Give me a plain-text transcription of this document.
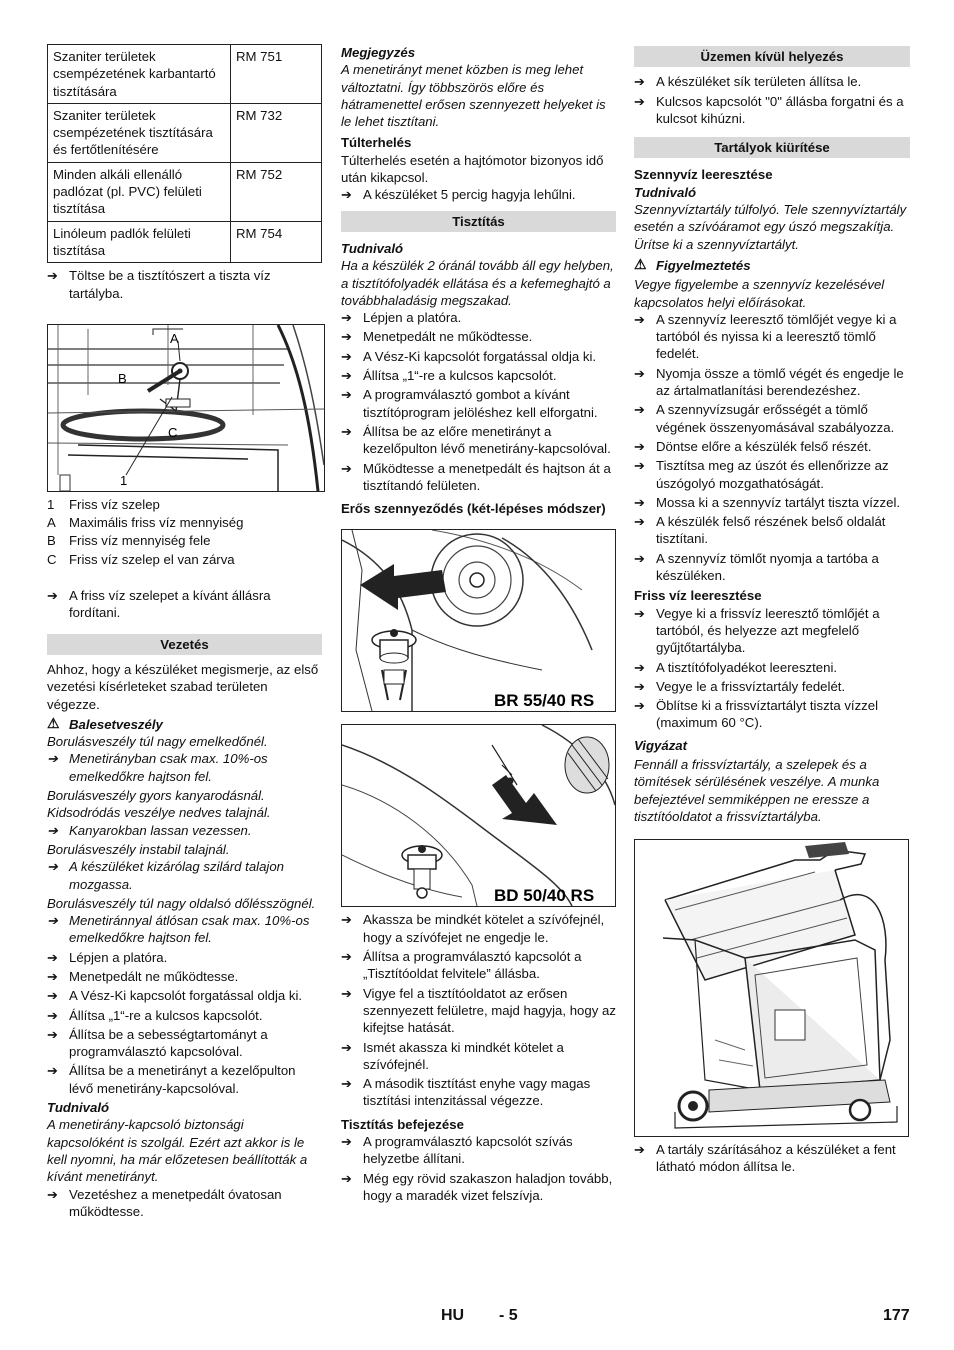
Szaniter területek csempézetének karbantartó tisztítására	RM 751
Szaniter területek csempézetének tisztítására és fertőtlenítésére	RM 732
Minden alkáli ellenálló padlózat (pl. PVC) felületi tisztítása	RM 752
Linóleum padlók felületi tisztítása	RM 754
➔ Töltse be a tisztítószert a tiszta víz tartályba.
A
B
C
1
1	Friss víz szelep
A	Maximális friss víz mennyiség
B	Friss víz mennyiség fele
C	Friss víz szelep el van zárva
➔ A friss víz szelepet a kívánt állásra fordítani.
Vezetés

Ahhoz, hogy a készüléket megismerje, az első vezetési kísérleteket szabad területen végezze.

⚠ Balesetveszély

Borulásveszély túl nagy emelkedőnél.

➔ Menetirányban csak max. 10%-os emelkedőkre hajtson fel.

Borulásveszély gyors kanyarodásnál. Kidsodródás veszélye nedves talajnál.

➔ Kanyarokban lassan vezessen.

Borulásveszély instabil talajnál.

➔ A készüléket kizárólag szilárd talajon mozgassa.

Borulásveszély túl nagy oldalsó dőlésszögnél.

➔ Menetiránnyal átlósan csak max. 10%-os emelkedőkre hajtson fel.
➔ Lépjen a platóra.
➔ Menetpedált ne működtesse.
➔ A Vész-Ki kapcsolót forgatással oldja ki.
➔ Állítsa „1“-re a kulcsos kapcsolót.
➔ Állítsa be a sebességtartományt a programválasztó kapcsolóval.
➔ Állítsa be a menetirányt a kezelőpulton lévő menetirány-kapcsolóval.

Tudnivaló

A menetirány-kapcsoló biztonsági kapcsolóként is szolgál. Ezért azt akkor is le kell nyomni, ha már előzetesen beállították a kívánt menetirányt.

➔ Vezetéshez a menetpedált óvatosan működtesse.

Megjegyzés

A menetirányt menet közben is meg lehet változtatni. Így többszörös előre és hátramenettel erősen szennyezett helyeket is le lehet tisztítani.

Túlterhelés

Túlterhelés esetén a hajtómotor bizonyos idő után kikapcsol.

➔ A készüléket 5 percig hagyja lehűlni.
Tisztítás

Tudnivaló

Ha a készülék 2 óránál tovább áll egy helyben, a tisztítófolyadék ellátása és a kefemeghajtó a továbbhaladásig megszakad.

➔ Lépjen a platóra.
➔ Menetpedált ne működtesse.
➔ A Vész-Ki kapcsolót forgatással oldja ki.
➔ Állítsa „1“-re a kulcsos kapcsolót.
➔ A programválasztó gombot a kívánt tisztítóprogram jelöléshez kell elforgatni.
➔ Állítsa be az előre menetirányt a kezelőpulton lévő menetirány-kapcsolóval.
➔ Működtesse a menetpedált és hajtson át a tisztítandó felületen.

Erős szennyeződés (két-lépéses módszer)

BR 55/40 RS
BD 50/40 RS
➔ Akassza be mindkét kötelet a szívófejnél, hogy a szívófejet ne engedje le.
➔ Állítsa a programválasztó kapcsolót a „Tisztítóoldat felvitele” állásba.
➔ Vigye fel a tisztítóoldatot az erősen szennyezett felületre, majd hagyja, hogy az kifejtse hatását.
➔ Ismét akassza ki mindkét kötelet a szívófejnél.
➔ A második tisztítást enyhe vagy magas tisztítási intenzitással végezze.

Tisztítás befejezése

➔ A programválasztó kapcsolót szívás helyzetbe állítani.
➔ Még egy rövid szakaszon haladjon tovább, hogy a maradék vizet felszívja.
Üzemen kívül helyezés
➔ A készüléket sík területen állítsa le.
➔ Kulcsos kapcsolót "0" állásba forgatni és a kulcsot kihúzni.
Tartályok kiürítése

Szennyvíz leeresztése

Tudnivaló

Szennyvíztartály túlfolyó. Tele szennyvíztartály esetén a szívóáramot egy úszó megszakítja. Ürítse ki a szennyvíztartályt.

⚠ Figyelmeztetés

Vegye figyelembe a szennyvíz kezelésével kapcsolatos helyi előírásokat.

➔ A szennyvíz leeresztő tömlőjét vegye ki a tartóból és nyissa ki a leeresztő tömlő fedelét.
➔ Nyomja össze a tömlő végét és engedje le az ártalmatlanítási berendezéshez.
➔ A szennyvízsugár erősségét a tömlő végének összenyomásával szabályozza.
➔ Döntse előre a készülék felső részét.
➔ Tisztítsa meg az úszót és ellenőrizze az úszógolyó mozgathatóságát.
➔ Mossa ki a szennyvíz tartályt tiszta vízzel.
➔ A készülék felső részének belső oldalát tisztítani.
➔ A szennyvíz tömlőt nyomja a tartóba a készüléken.

Friss víz leeresztése

➔ Vegye ki a frissvíz leeresztő tömlőjét a tartóból, és helyezze azt megfelelő gyűjtőtartályba.
➔ A tisztítófolyadékot leereszteni.
➔ Vegye le a frissvíztartály fedelét.
➔ Öblítse ki a frissvíztartályt tiszta vízzel (maximum 60 °C).

Vigyázat

Fennáll a frissvíztartály, a szelepek és a tömítések sérülésének veszélye. A munka befejeztével semmiképpen ne eressze a tisztítóoldatot a frissvíztartályba.

➔ A tartály szárításához a készüléket a fent látható módon állítsa le.
HU - 5	177
